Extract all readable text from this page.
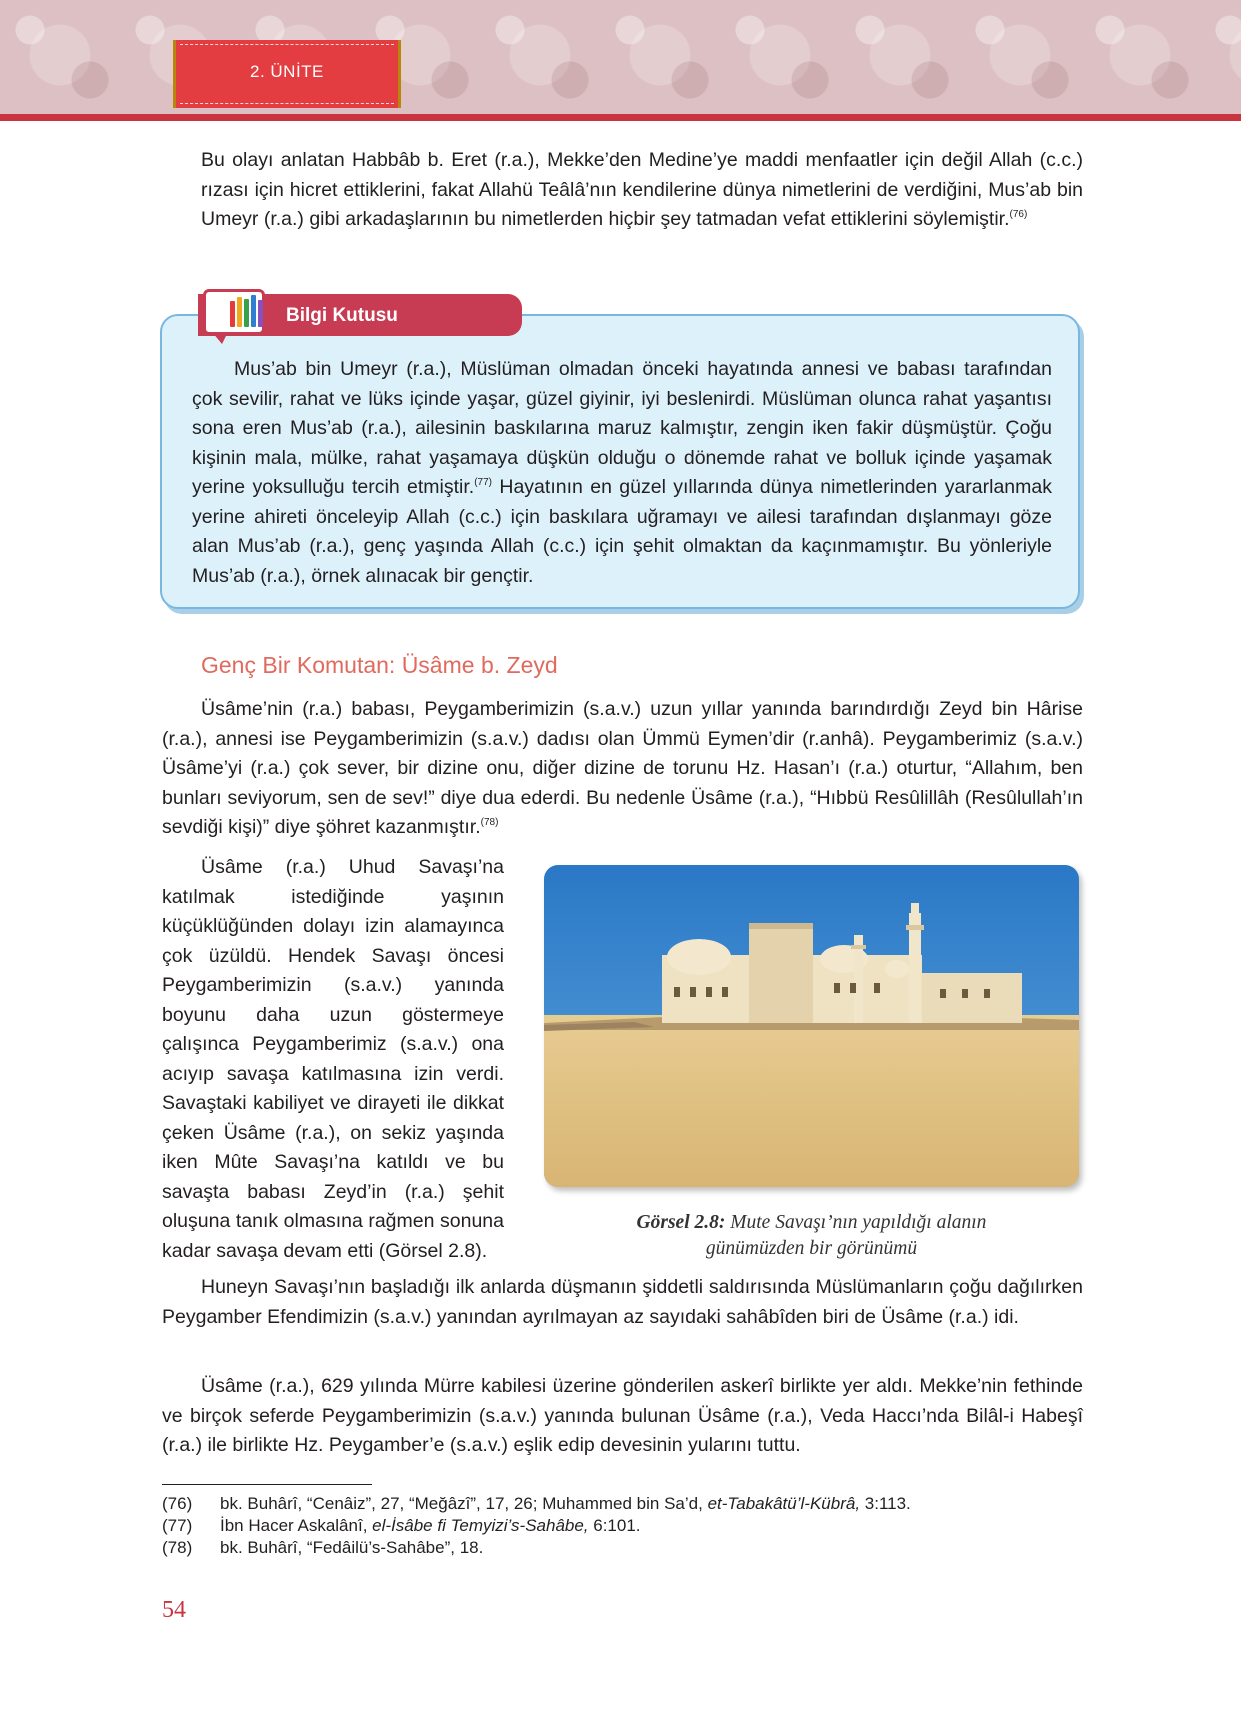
2. ÜNİTE

Bu olayı anlatan Habbâb b. Eret (r.a.), Mekke’den Medine’ye maddi menfaatler için değil Allah (c.c.) rızası için hicret ettiklerini, fakat Allahü Teâlâ’nın kendilerine dünya nimetlerini de verdiğini, Mus’ab bin Umeyr (r.a.) gibi arkadaşlarının bu nimetlerden hiçbir şey tatmadan vefat ettiklerini söylemiştir.$^{(76)}$

Bilgi Kutusu

Mus’ab bin Umeyr (r.a.), Müslüman olmadan önceki hayatında annesi ve babası tarafından çok sevilir, rahat ve lüks içinde yaşar, güzel giyinir, iyi beslenirdi. Müslüman olunca rahat yaşantısı sona eren Mus’ab (r.a.), ailesinin baskılarına maruz kalmıştır, zengin iken fakir düşmüştür. Çoğu kişinin mala, mülke, rahat yaşamaya düşkün olduğu o dönemde rahat ve bolluk içinde yaşamak yerine yoksulluğu tercih etmiştir.$^{(77)}$ Hayatının en güzel yıllarında dünya nimetlerinden yararlanmak yerine ahireti önceleyip Allah (c.c.) için baskılara uğramayı ve ailesi tarafından dışlanmayı göze alan Mus’ab (r.a.), genç yaşında Allah (c.c.) için şehit olmaktan da kaçınmamıştır. Bu yönleriyle Mus’ab (r.a.), örnek alınacak bir gençtir.

Genç Bir Komutan: Üsâme b. Zeyd

Üsâme’nin (r.a.) babası, Peygamberimizin (s.a.v.) uzun yıllar yanında barındırdığı Zeyd bin Hârise (r.a.), annesi ise Peygamberimizin (s.a.v.) dadısı olan Ümmü Eymen’dir (r.anhâ). Peygamberimiz (s.a.v.) Üsâme’yi (r.a.) çok sever, bir dizine onu, diğer dizine de torunu Hz. Hasan’ı (r.a.) oturtur, “Allahım, ben bunları seviyorum, sen de sev!” diye dua ederdi. Bu nedenle Üsâme (r.a.), “Hıbbü Resûlillâh (Resûlullah’ın sevdiği kişi)” diye şöhret kazanmıştır.$^{(78)}$

Üsâme (r.a.) Uhud Savaşı’na katılmak istediğinde yaşının küçüklüğünden dolayı izin alamayınca çok üzüldü. Hendek Savaşı öncesi Peygamberimizin (s.a.v.) yanında boyunu daha uzun göstermeye çalışınca Peygamberimiz (s.a.v.) ona acıyıp savaşa katılmasına izin verdi. Savaştaki kabiliyet ve dirayeti ile dikkat çeken Üsâme (r.a.), on sekiz yaşında iken Mûte Savaşı’na katıldı ve bu savaşta babası Zeyd’in (r.a.) şehit oluşuna tanık olmasına rağmen sonuna kadar savaşa devam etti (Görsel 2.8).

Görsel 2.8: Mute Savaşı’nın yapıldığı alanın
günümüzden bir görünümü

Huneyn Savaşı’nın başladığı ilk anlarda düşmanın şiddetli saldırısında Müslümanların çoğu dağılırken Peygamber Efendimizin (s.a.v.) yanından ayrılmayan az sayıdaki sahâbîden biri de Üsâme (r.a.) idi.

Üsâme (r.a.), 629 yılında Mürre kabilesi üzerine gönderilen askerî birlikte yer aldı. Mekke’nin fethinde ve birçok seferde Peygamberimizin (s.a.v.) yanında bulunan Üsâme (r.a.), Veda Haccı’nda Bilâl-i Habeşî (r.a.) ile birlikte Hz. Peygamber’e (s.a.v.) eşlik edip devesinin yularını tuttu.

(76) bk. Buhârî, “Cenâiz”, 27, “Meğâzî”, 17, 26; Muhammed bin Sa’d, et-Tabakâtü’l-Kübrâ, 3:113.
(77) İbn Hacer Askalânî, el-İsâbe fi Temyizi’s-Sahâbe, 6:101.
(78) bk. Buhârî, “Fedâilü’s-Sahâbe”, 18.
54
